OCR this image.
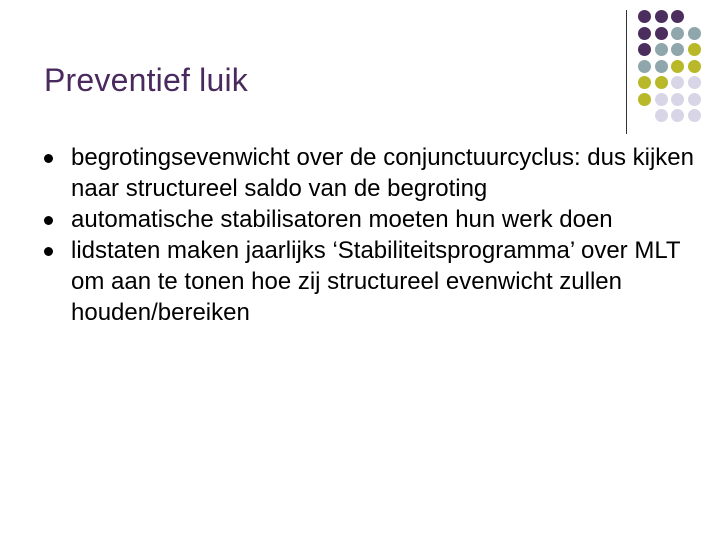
Preventief luik
begrotingsevenwicht over de conjunctuurcyclus: dus kijken naar structureel saldo van de begroting
automatische stabilisatoren moeten hun werk doen
lidstaten maken jaarlijks ‘Stabiliteitsprogramma’ over MLT om aan te tonen hoe zij structureel evenwicht zullen houden/bereiken
